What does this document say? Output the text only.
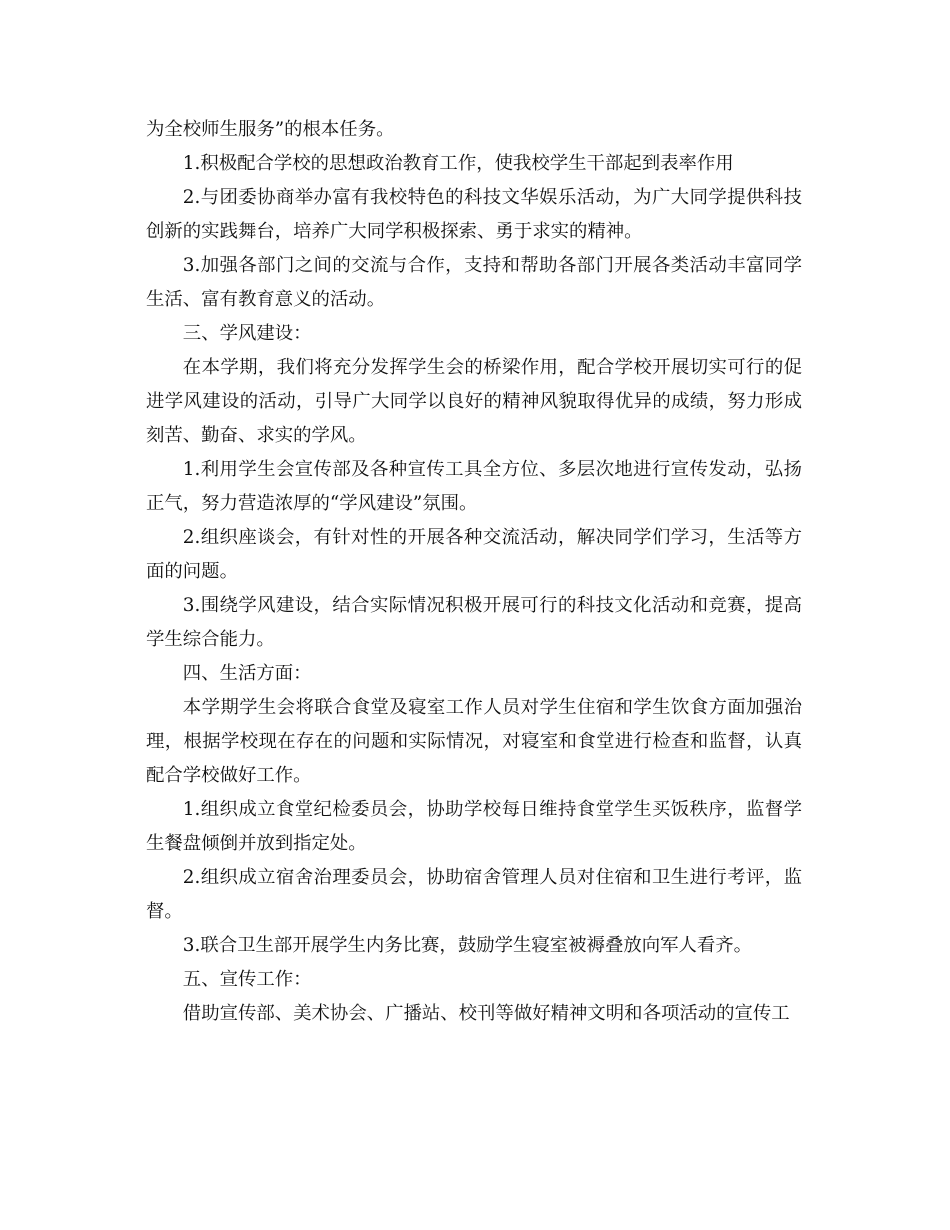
为全校师生服务”的根本任务。

1.积极配合学校的思想政治教育工作，使我校学生干部起到表率作用

2.与团委协商举办富有我校特色的科技文华娱乐活动，为广大同学提供科技创新的实践舞台，培养广大同学积极探索、勇于求实的精神。

3.加强各部门之间的交流与合作，支持和帮助各部门开展各类活动丰富同学生活、富有教育意义的活动。

三、学风建设：

在本学期，我们将充分发挥学生会的桥梁作用，配合学校开展切实可行的促进学风建设的活动，引导广大同学以良好的精神风貌取得优异的成绩，努力形成刻苦、勤奋、求实的学风。

1.利用学生会宣传部及各种宣传工具全方位、多层次地进行宣传发动，弘扬正气，努力营造浓厚的“学风建设”氛围。

2.组织座谈会，有针对性的开展各种交流活动，解决同学们学习，生活等方面的问题。

3.围绕学风建设，结合实际情况积极开展可行的科技文化活动和竞赛，提高学生综合能力。

四、生活方面：

本学期学生会将联合食堂及寝室工作人员对学生住宿和学生饮食方面加强治理，根据学校现在存在的问题和实际情况，对寝室和食堂进行检查和监督，认真配合学校做好工作。

1.组织成立食堂纪检委员会，协助学校每日维持食堂学生买饭秩序，监督学生餐盘倾倒并放到指定处。

2.组织成立宿舍治理委员会，协助宿舍管理人员对住宿和卫生进行考评，监督。

3.联合卫生部开展学生内务比赛，鼓励学生寝室被褥叠放向军人看齐。

五、宣传工作：

借助宣传部、美术协会、广播站、校刊等做好精神文明和各项活动的宣传工
